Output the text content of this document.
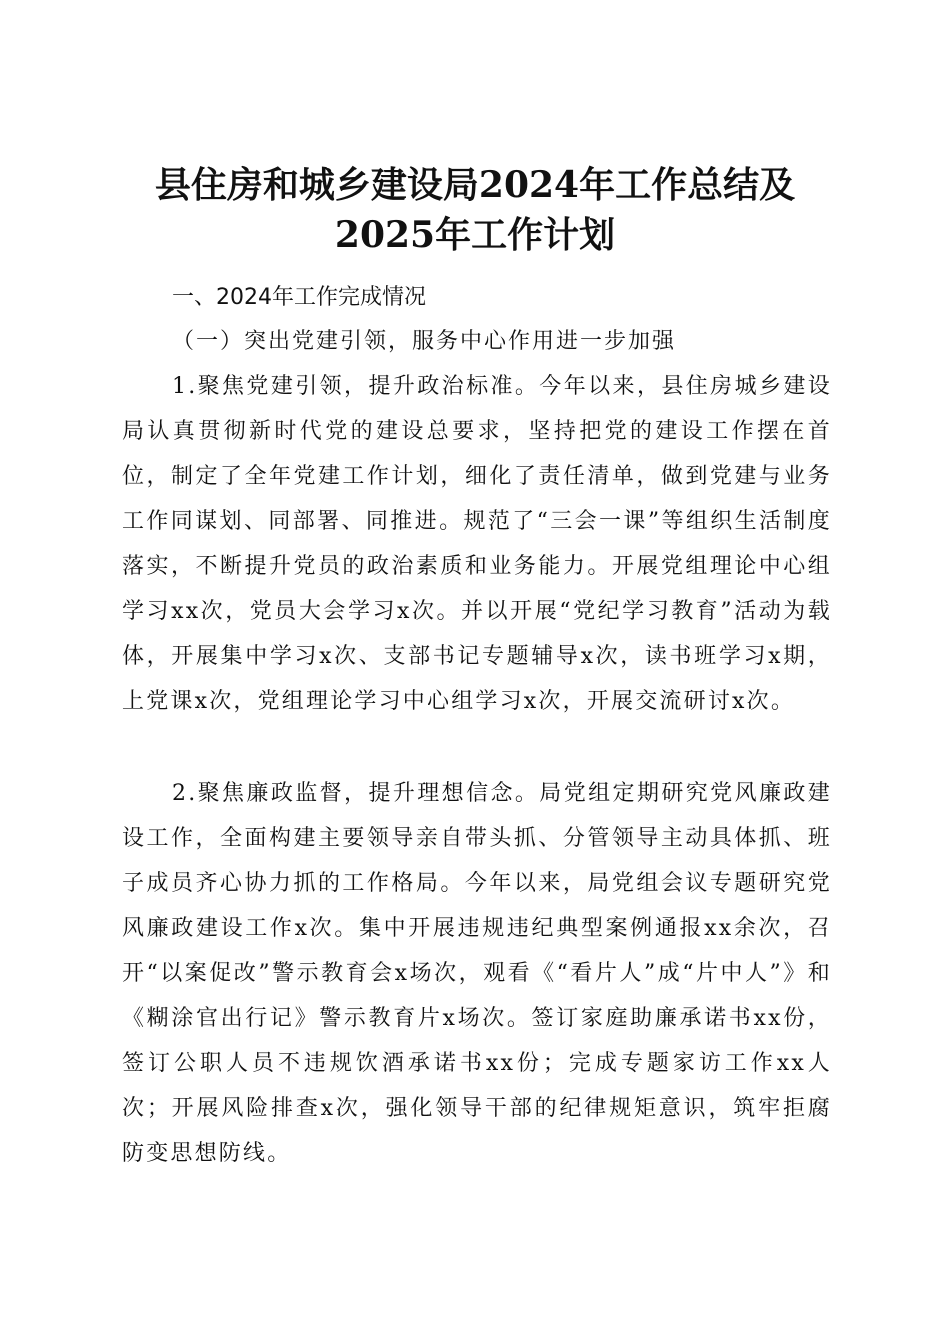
县住房和城乡建设局2024年工作总结及2025年工作计划
一、2024年工作完成情况
（一）突出党建引领，服务中心作用进一步加强

1.聚焦党建引领，提升政治标准。今年以来，县住房城乡建设局认真贯彻新时代党的建设总要求，坚持把党的建设工作摆在首位，制定了全年党建工作计划，细化了责任清单，做到党建与业务工作同谋划、同部署、同推进。规范了“三会一课”等组织生活制度落实，不断提升党员的政治素质和业务能力。开展党组理论中心组学习xx次，党员大会学习x次。并以开展“党纪学习教育”活动为载体，开展集中学习x次、支部书记专题辅导x次，读书班学习x期，上党课x次，党组理论学习中心组学习x次，开展交流研讨x次。

2.聚焦廉政监督，提升理想信念。局党组定期研究党风廉政建设工作，全面构建主要领导亲自带头抓、分管领导主动具体抓、班子成员齐心协力抓的工作格局。今年以来，局党组会议专题研究党风廉政建设工作x次。集中开展违规违纪典型案例通报xx余次，召开“以案促改”警示教育会x场次，观看《“看片人”成“片中人”》和《糊涂官出行记》警示教育片x场次。签订家庭助廉承诺书xx份，签订公职人员不违规饮酒承诺书xx份；完成专题家访工作xx人次；开展风险排查x次，强化领导干部的纪律规矩意识，筑牢拒腐防变思想防线。
